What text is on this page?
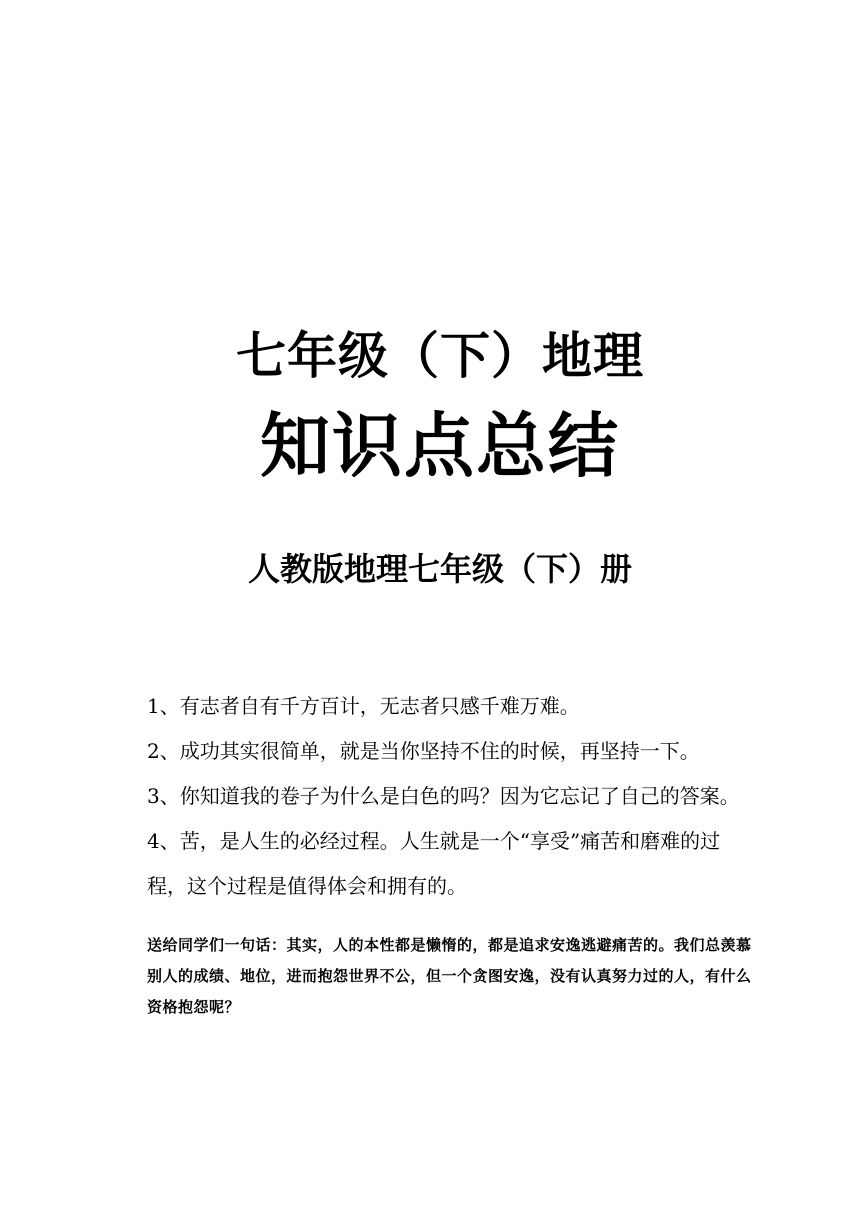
七年级（下）地理
知识点总结
人教版地理七年级（下）册
1、有志者自有千方百计，无志者只感千难万难。
2、成功其实很简单，就是当你坚持不住的时候，再坚持一下。
3、你知道我的卷子为什么是白色的吗？因为它忘记了自己的答案。
4、苦，是人生的必经过程。人生就是一个“享受”痛苦和磨难的过程，这个过程是值得体会和拥有的。
送给同学们一句话：其实，人的本性都是懒惰的，都是追求安逸逃避痛苦的。我们总羡慕别人的成绩、地位，进而抱怨世界不公，但一个贪图安逸，没有认真努力过的人，有什么资格抱怨呢？
